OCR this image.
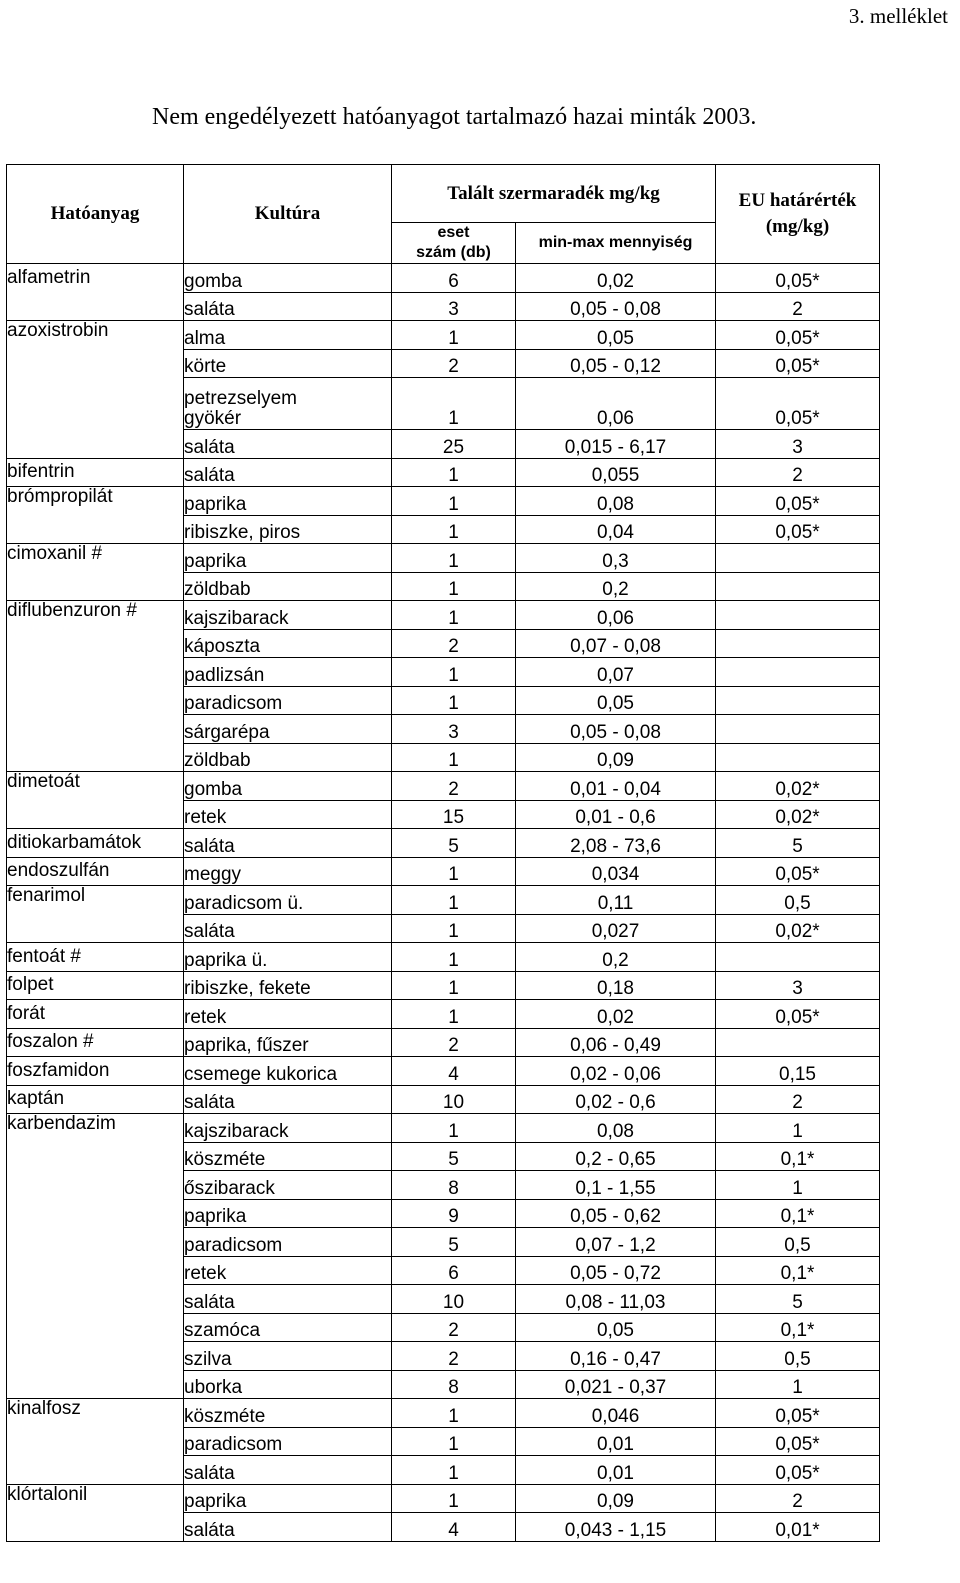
3. melléklet
Nem engedélyezett hatóanyagot tartalmazó hazai minták 2003.
Hatóanyag	Kultúra	Talált szermaradék mg/kg		EU határérték (mg/kg)
		eset szám (db)	min-max mennyiség	
alfametrin	gomba	6	0,02	0,05*
	saláta	3	0,05 - 0,08	2
azoxistrobin	alma	1	0,05	0,05*
	körte	2	0,05 - 0,12	0,05*
	petrezselyem gyökér	1	0,06	0,05*
	saláta	25	0,015 - 6,17	3
bifentrin	saláta	1	0,055	2
brómpropilát	paprika	1	0,08	0,05*
	ribiszke, piros	1	0,04	0,05*
cimoxanil #	paprika	1	0,3	
	zöldbab	1	0,2	
diflubenzuron #	kajszibarack	1	0,06	
	káposzta	2	0,07 - 0,08	
	padlizsán	1	0,07	
	paradicsom	1	0,05	
	sárgarépa	3	0,05 - 0,08	
	zöldbab	1	0,09	
dimetoát	gomba	2	0,01 - 0,04	0,02*
	retek	15	0,01 - 0,6	0,02*
ditiokarbamátok	saláta	5	2,08 - 73,6	5
endoszulfán	meggy	1	0,034	0,05*
fenarimol	paradicsom ü.	1	0,11	0,5
	saláta	1	0,027	0,02*
fentoát #	paprika ü.	1	0,2	
folpet	ribiszke, fekete	1	0,18	3
forát	retek	1	0,02	0,05*
foszalon #	paprika, fűszer	2	0,06 - 0,49	
foszfamidon	csemege kukorica	4	0,02 - 0,06	0,15
kaptán	saláta	10	0,02 - 0,6	2
karbendazim	kajszibarack	1	0,08	1
	köszméte	5	0,2 - 0,65	0,1*
	őszibarack	8	0,1 - 1,55	1
	paprika	9	0,05 - 0,62	0,1*
	paradicsom	5	0,07 - 1,2	0,5
	retek	6	0,05 - 0,72	0,1*
	saláta	10	0,08 - 11,03	5
	szamóca	2	0,05	0,1*
	szilva	2	0,16 - 0,47	0,5
	uborka	8	0,021 - 0,37	1
kinalfosz	köszméte	1	0,046	0,05*
	paradicsom	1	0,01	0,05*
	saláta	1	0,01	0,05*
klórtalonil	paprika	1	0,09	2
	saláta	4	0,043 - 1,15	0,01*
